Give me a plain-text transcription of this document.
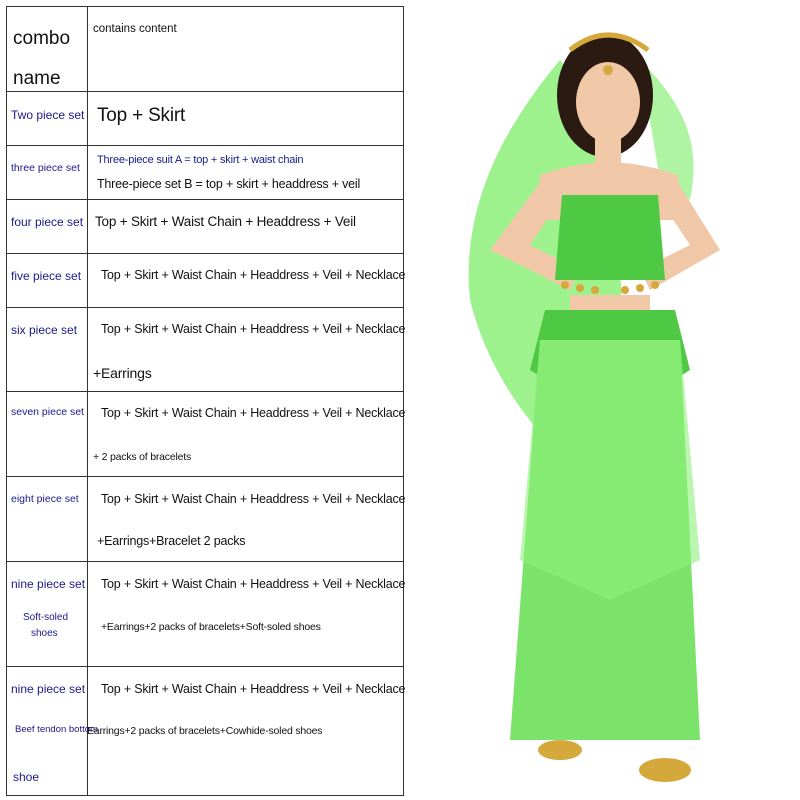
combo
name
contains content
Two piece set Top + Skirt
three piece set
Three-piece suit A = top + skirt + waist chain
Three-piece set B = top + skirt + headdress + veil
four piece set Top + Skirt + Waist Chain + Headdress + Veil
five piece set Top + Skirt + Waist Chain + Headdress + Veil + Necklace
six piece set Top + Skirt + Waist Chain + Headdress + Veil + Necklace
+Earrings
seven piece set Top + Skirt + Waist Chain + Headdress + Veil + Necklace
+ 2 packs of bracelets
eight piece set Top + Skirt + Waist Chain + Headdress + Veil + Necklace
+Earrings+Bracelet 2 packs
nine piece set
Soft-soled
shoes
Top + Skirt + Waist Chain + Headdress + Veil + Necklace
+Earrings+2 packs of bracelets+Soft-soled shoes
nine piece set
Beef tendon bottom
shoe
Top + Skirt + Waist Chain + Headdress + Veil + Necklace
Earrings+2 packs of bracelets+Cowhide-soled shoes
